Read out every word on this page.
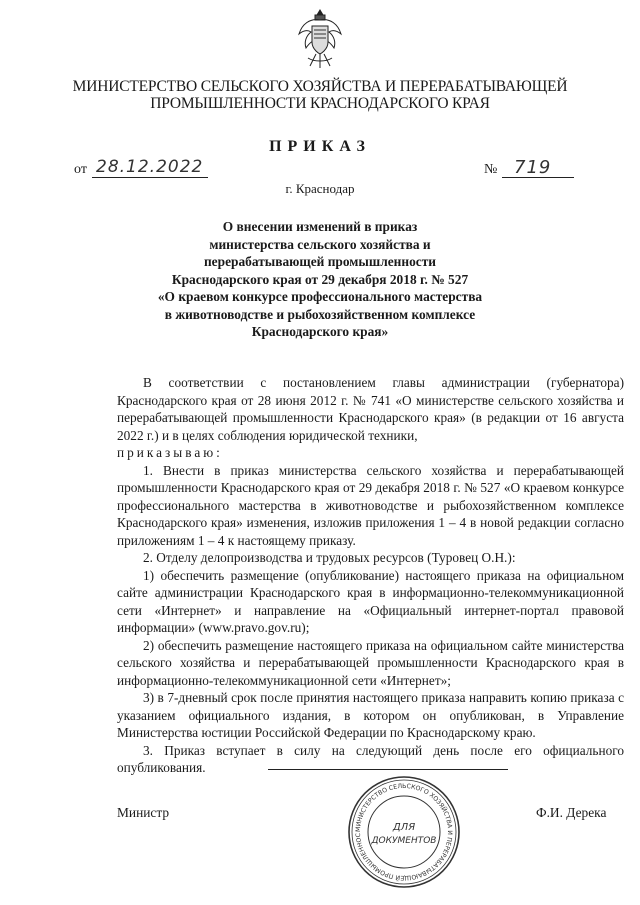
МИНИСТЕРСТВО СЕЛЬСКОГО ХОЗЯЙСТВА И ПЕРЕРАБАТЫВАЮЩЕЙ
ПРОМЫШЛЕННОСТИ КРАСНОДАРСКОГО КРАЯ
ПРИКАЗ
от 28.12.2022	№ 719
г. Краснодар
О внесении изменений в приказ
министерства сельского хозяйства и
перерабатывающей промышленности
Краснодарского края от 29 декабря 2018 г. № 527
«О краевом конкурсе профессионального мастерства
в животноводстве и рыбохозяйственном комплексе
Краснодарского края»

В соответствии с постановлением главы администрации (губернатора) Краснодарского края от 28 июня 2012 г. № 741 «О министерстве сельского хозяйства и перерабатывающей промышленности Краснодарского края» (в редакции от 16 августа 2022 г.) и в целях соблюдения юридической техники,

приказываю:

1. Внести в приказ министерства сельского хозяйства и перерабатывающей промышленности Краснодарского края от 29 декабря 2018 г. № 527 «О краевом конкурсе профессионального мастерства в животноводстве и рыбохозяйственном комплексе Краснодарского края» изменения, изложив приложения 1 – 4 в новой редакции согласно приложениям 1 – 4 к настоящему приказу.

2. Отделу делопроизводства и трудовых ресурсов (Туровец О.Н.):

1) обеспечить размещение (опубликование) настоящего приказа на официальном сайте администрации Краснодарского края в информационно-телекоммуникационной сети «Интернет» и направление на «Официальный интернет-портал правовой информации» (www.pravo.gov.ru);

2) обеспечить размещение настоящего приказа на официальном сайте министерства сельского хозяйства и перерабатывающей промышленности Краснодарского края в информационно-телекоммуникационной сети «Интернет»;

3) в 7-дневный срок после принятия настоящего приказа направить копию приказа с указанием официального издания, в котором он опубликован, в Управление Министерства юстиции Российской Федерации по Краснодарскому краю.

3. Приказ вступает в силу на следующий день после его официального опубликования.

Министр	Ф.И. Дерека
МИНИСТЕРСТВО СЕЛЬСКОГО ХОЗЯЙСТВА И ПЕРЕРАБАТЫВАЮЩЕЙ ПРОМЫШЛЕННОС
ДЛЯ
ДОКУМЕНТОВ
